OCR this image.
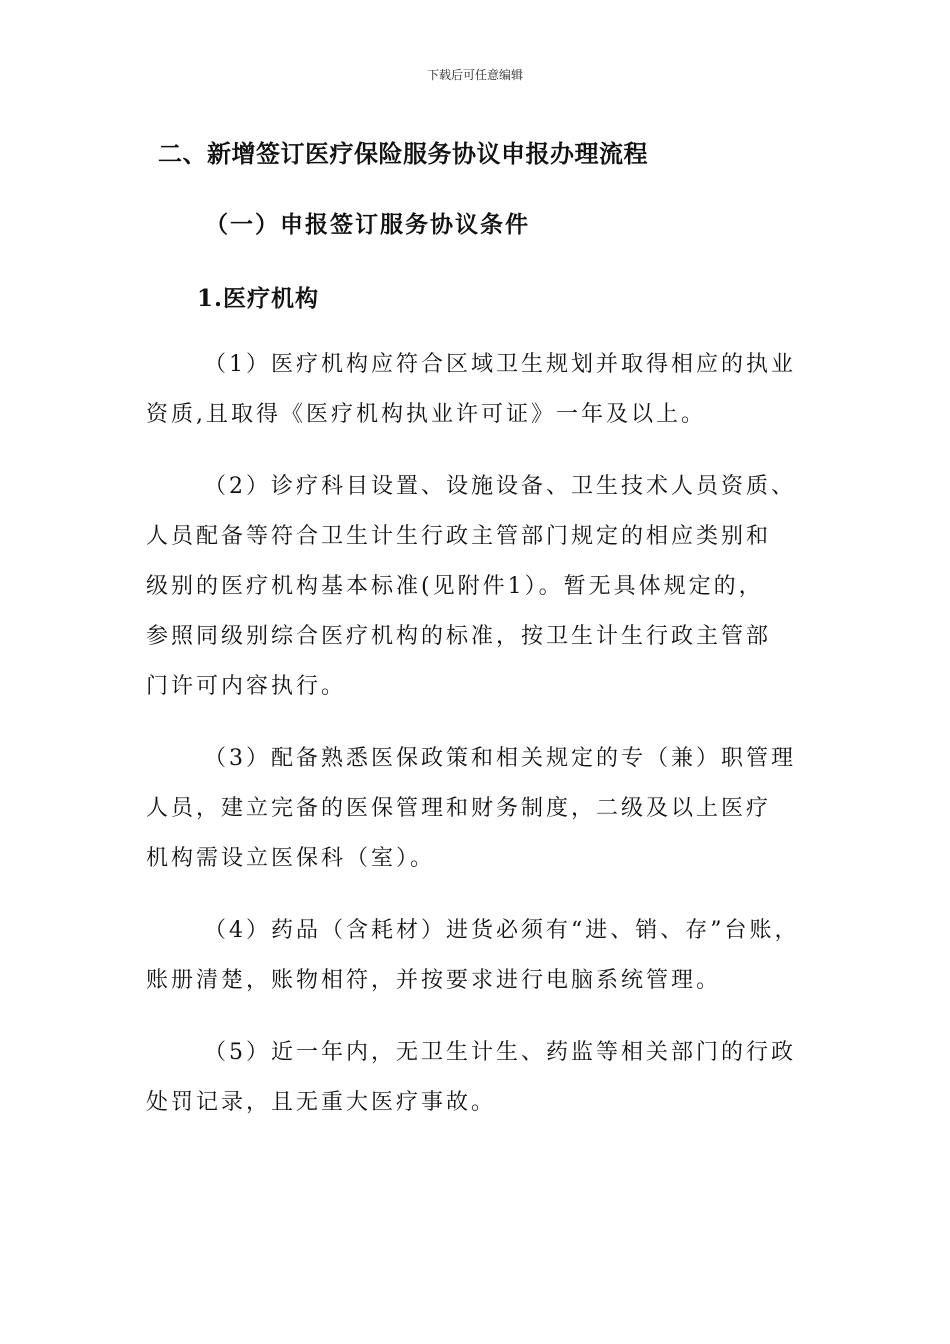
下载后可任意编辑
二、新增签订医疗保险服务协议申报办理流程
（一）申报签订服务协议条件
1.医疗机构
（1）医疗机构应符合区域卫生规划并取得相应的执业
资质,且取得《医疗机构执业许可证》一年及以上。
（2）诊疗科目设置、设施设备、卫生技术人员资质、
人员配备等符合卫生计生行政主管部门规定的相应类别和
级别的医疗机构基本标准(见附件1）。暂无具体规定的，
参照同级别综合医疗机构的标准，按卫生计生行政主管部
门许可内容执行。
（3）配备熟悉医保政策和相关规定的专（兼）职管理
人员，建立完备的医保管理和财务制度，二级及以上医疗
机构需设立医保科（室）。
（4）药品（含耗材）进货必须有“进、销、存”台账，
账册清楚，账物相符，并按要求进行电脑系统管理。
（5）近一年内，无卫生计生、药监等相关部门的行政
处罚记录，且无重大医疗事故。
